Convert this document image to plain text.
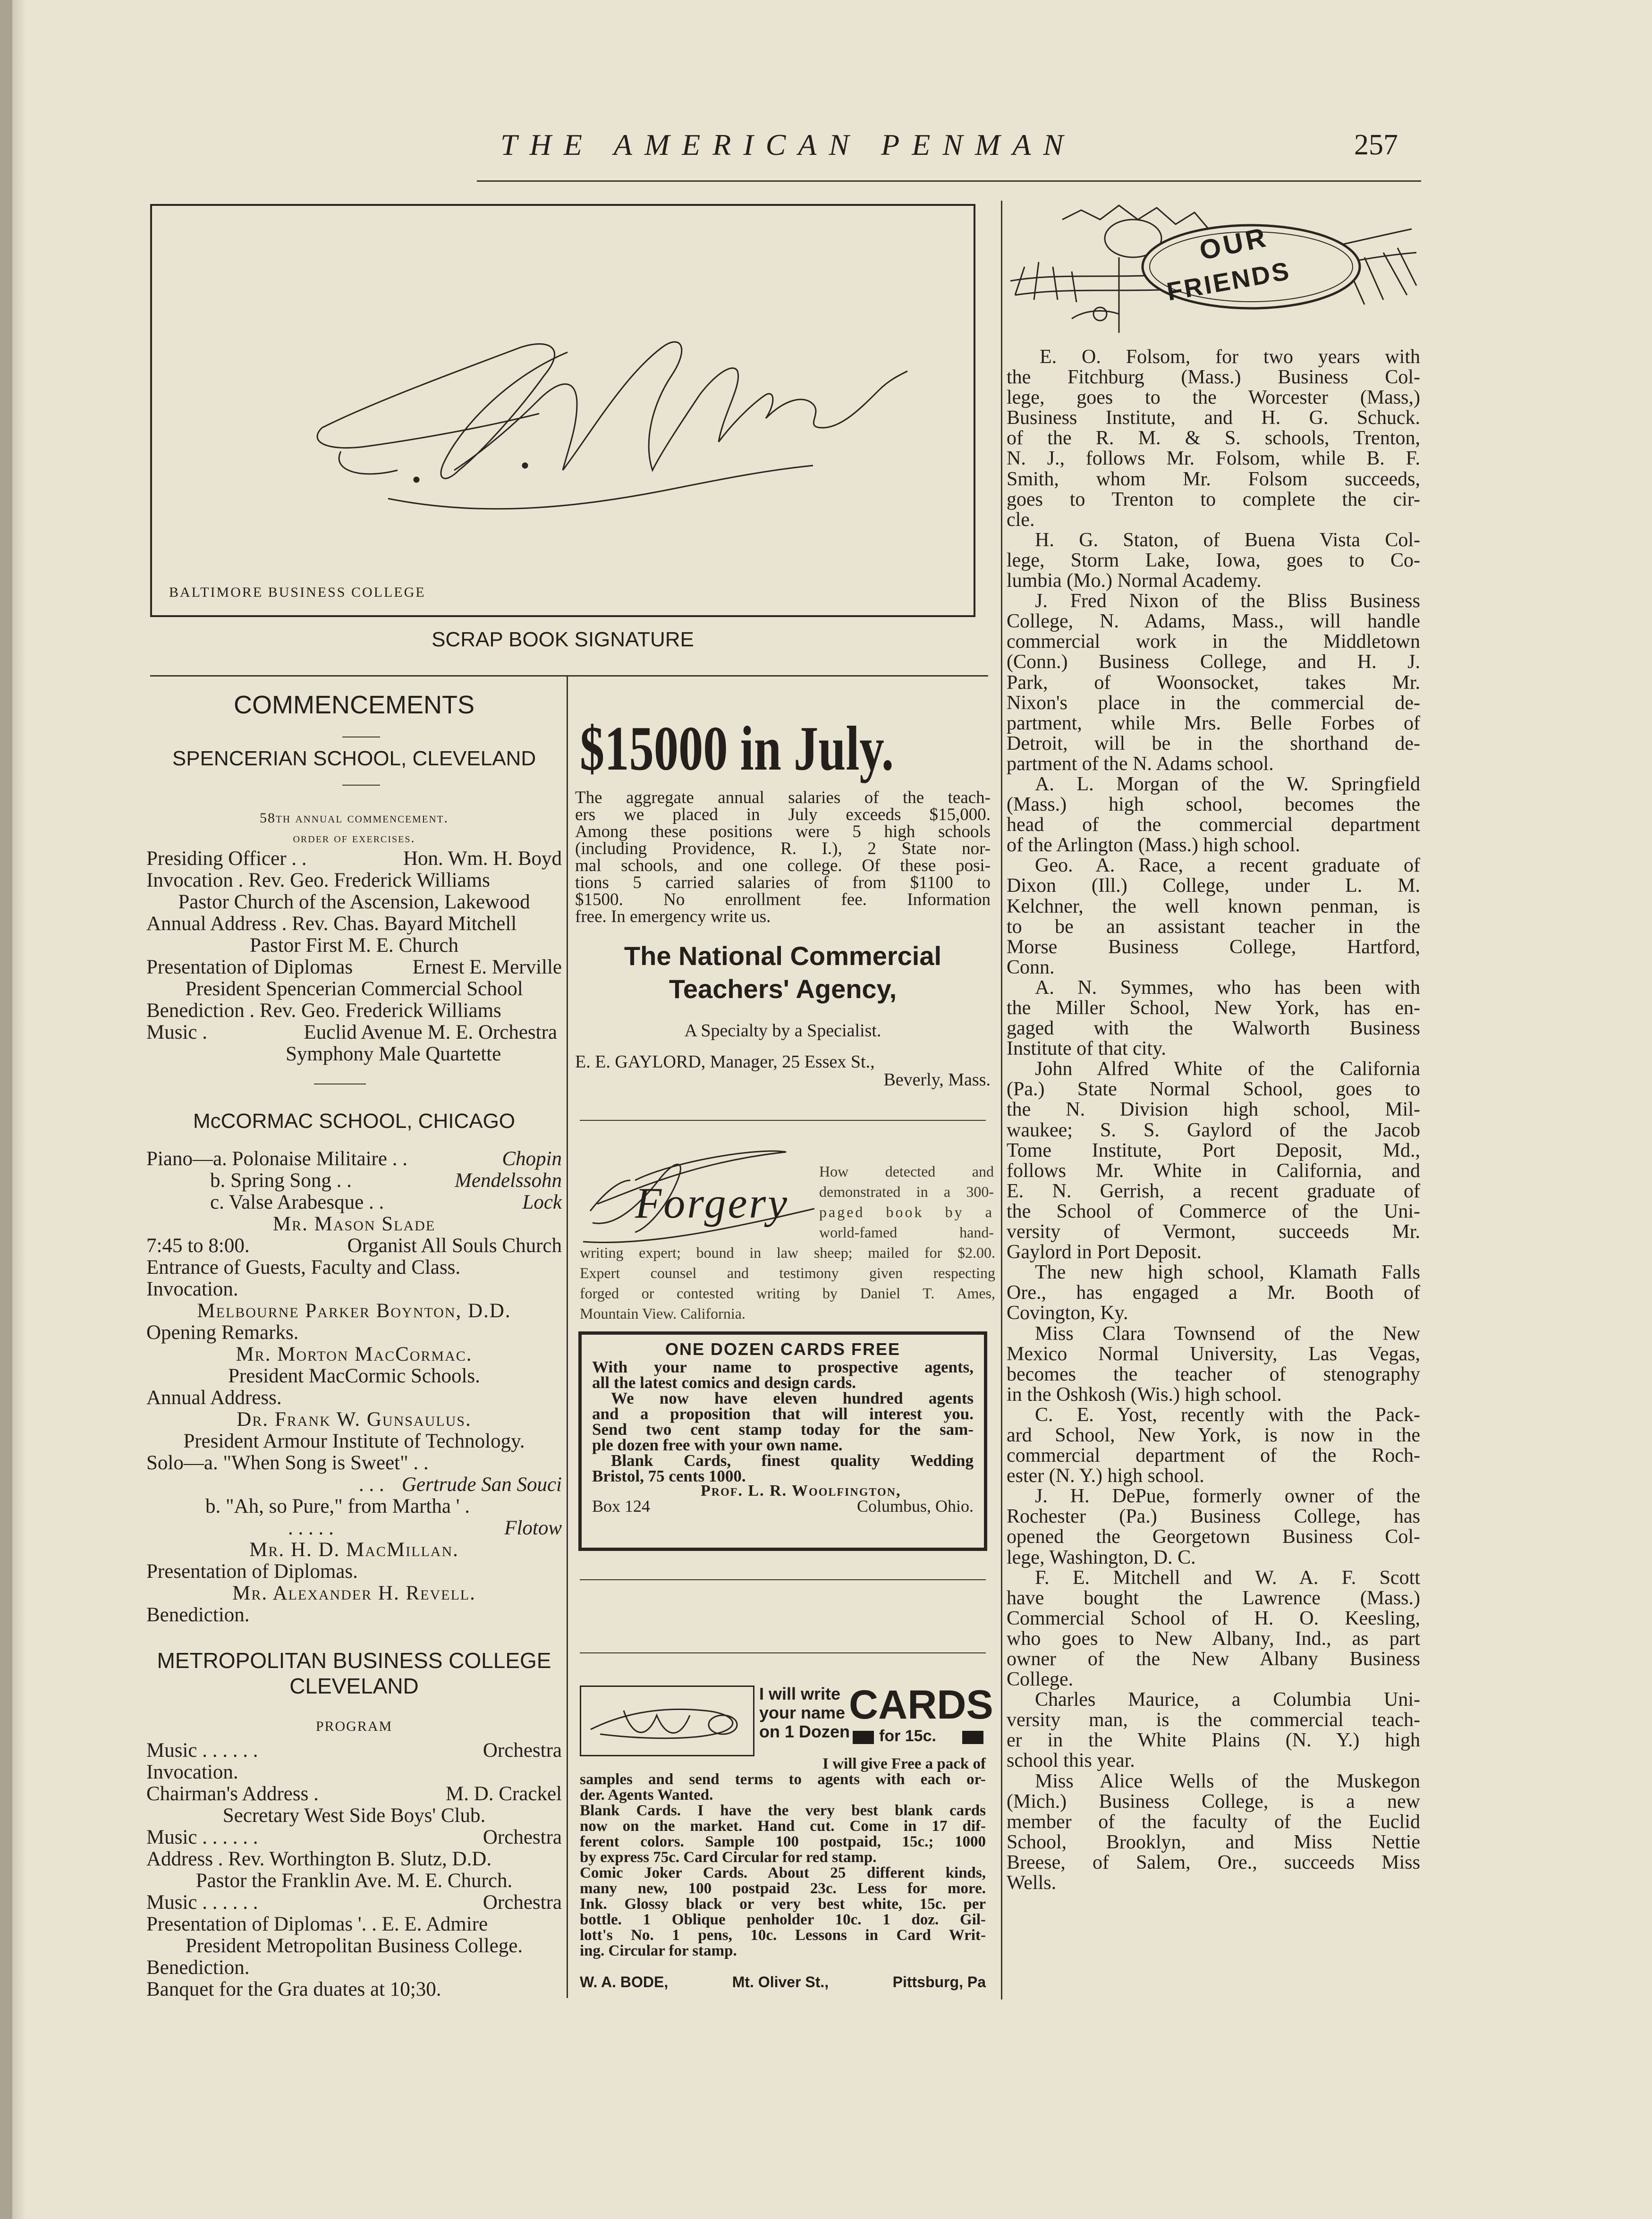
THE AMERICAN PENMAN	257
BALTIMORE BUSINESS COLLEGE
SCRAP BOOK SIGNATURE
COMMENCEMENTS
SPENCERIAN SCHOOL, CLEVELAND
58th annual commencement.
order of exercises.
Presiding Officer . .	Hon. Wm. H. Boyd
Invocation . Rev. Geo. Frederick Williams
Pastor Church of the Ascension, Lakewood
Annual Address . Rev. Chas. Bayard Mitchell
Pastor First M. E. Church
Presentation of Diplomas	Ernest E. Merville
President Spencerian Commercial School
Benediction . Rev. Geo. Frederick Williams
Music .	Euclid Avenue M. E. Orchestra
Symphony Male Quartette
McCORMAC SCHOOL, CHICAGO
Piano—a. Polonaise Militaire . .	Chopin
b. Spring Song . .	Mendelssohn
c. Valse Arabesque . .	Lock
Mr. Mason Slade
7:45 to 8:00.	Organist All Souls Church
Entrance of Guests, Faculty and Class.
Invocation.
Melbourne Parker Boynton, D.D.
Opening Remarks.
Mr. Morton MacCormac.
President MacCormic Schools.
Annual Address.
Dr. Frank W. Gunsaulus.
President Armour Institute of Technology.
Solo—a. "When Song is Sweet" . .
. . . Gertrude San Souci
b. "Ah, so Pure," from Martha ' .
. . . . .	Flotow
Mr. H. D. MacMillan.
Presentation of Diplomas.
Mr. Alexander H. Revell.
Benediction.
METROPOLITAN BUSINESS COLLEGE
CLEVELAND
PROGRAM
Music . . . . . .	Orchestra
Invocation.
Chairman's Address .	M. D. Crackel
Secretary West Side Boys' Club.
Music . . . . . .	Orchestra
Address . Rev. Worthington B. Slutz, D.D.
Pastor the Franklin Ave. M. E. Church.
Music . . . . . .	Orchestra
Presentation of Diplomas '. . E. E. Admire
President Metropolitan Business College.
Benediction.
Banquet for the Gra duates at 10;30.
$15000 in July.
The aggregate annual salaries of the teach-
ers we placed in July exceeds $15,000.
Among these positions were 5 high schools
(including Providence, R. I.), 2 State nor-
mal schools, and one college. Of these posi-
tions 5 carried salaries of from $1100 to
$1500. No enrollment fee. Information
free. In emergency write us.
The National Commercial
Teachers' Agency,
A Specialty by a Specialist.
E. E. GAYLORD, Manager, 25 Essex St.,
Beverly, Mass.
Forgery
How detected and
demonstrated in a 300-
paged book by a
world-famed hand-
writing expert; bound in law sheep; mailed for $2.00.
Expert counsel and testimony given respecting
forged or contested writing by Daniel T. Ames,
Mountain View. California.
ONE DOZEN CARDS FREE
With your name to prospective agents,
all the latest comics and design cards.
We now have eleven hundred agents
and a proposition that will interest you.
Send two cent stamp today for the sam-
ple dozen free with your own name.
Blank Cards, finest quality Wedding
Bristol, 75 cents 1000.
Prof. L. R. Woolfington,
Box 124	Columbus, Ohio.
I will write
your name
on 1 Dozen
CARDS
for 15c.
I will give Free a pack of
samples and send terms to agents with each or-
der. Agents Wanted.
Blank Cards. I have the very best blank cards
now on the market. Hand cut. Come in 17 dif-
ferent colors. Sample 100 postpaid, 15c.; 1000
by express 75c. Card Circular for red stamp.
Comic Joker Cards. About 25 different kinds,
many new, 100 postpaid 23c. Less for more.
Ink. Glossy black or very best white, 15c. per
bottle. 1 Oblique penholder 10c. 1 doz. Gil-
lott's No. 1 pens, 10c. Lessons in Card Writ-
ing. Circular for stamp.
W. A. BODE,	Mt. Oliver St.,	Pittsburg, Pa
OUR
FRIENDS
E. O. Folsom, for two years with
the Fitchburg (Mass.) Business Col-
lege, goes to the Worcester (Mass,)
Business Institute, and H. G. Schuck.
of the R. M. & S. schools, Trenton,
N. J., follows Mr. Folsom, while B. F.
Smith, whom Mr. Folsom succeeds,
goes to Trenton to complete the cir-
cle.
H. G. Staton, of Buena Vista Col-
lege, Storm Lake, Iowa, goes to Co-
lumbia (Mo.) Normal Academy.
J. Fred Nixon of the Bliss Business
College, N. Adams, Mass., will handle
commercial work in the Middletown
(Conn.) Business College, and H. J.
Park, of Woonsocket, takes Mr.
Nixon's place in the commercial de-
partment, while Mrs. Belle Forbes of
Detroit, will be in the shorthand de-
partment of the N. Adams school.
A. L. Morgan of the W. Springfield
(Mass.) high school, becomes the
head of the commercial department
of the Arlington (Mass.) high school.
Geo. A. Race, a recent graduate of
Dixon (Ill.) College, under L. M.
Kelchner, the well known penman, is
to be an assistant teacher in the
Morse Business College, Hartford,
Conn.
A. N. Symmes, who has been with
the Miller School, New York, has en-
gaged with the Walworth Business
Institute of that city.
John Alfred White of the California
(Pa.) State Normal School, goes to
the N. Division high school, Mil-
waukee; S. S. Gaylord of the Jacob
Tome Institute, Port Deposit, Md.,
follows Mr. White in California, and
E. N. Gerrish, a recent graduate of
the School of Commerce of the Uni-
versity of Vermont, succeeds Mr.
Gaylord in Port Deposit.
The new high school, Klamath Falls
Ore., has engaged a Mr. Booth of
Covington, Ky.
Miss Clara Townsend of the New
Mexico Normal University, Las Vegas,
becomes the teacher of stenography
in the Oshkosh (Wis.) high school.
C. E. Yost, recently with the Pack-
ard School, New York, is now in the
commercial department of the Roch-
ester (N. Y.) high school.
J. H. DePue, formerly owner of the
Rochester (Pa.) Business College, has
opened the Georgetown Business Col-
lege, Washington, D. C.
F. E. Mitchell and W. A. F. Scott
have bought the Lawrence (Mass.)
Commercial School of H. O. Keesling,
who goes to New Albany, Ind., as part
owner of the New Albany Business
College.
Charles Maurice, a Columbia Uni-
versity man, is the commercial teach-
er in the White Plains (N. Y.) high
school this year.
Miss Alice Wells of the Muskegon
(Mich.) Business College, is a new
member of the faculty of the Euclid
School, Brooklyn, and Miss Nettie
Breese, of Salem, Ore., succeeds Miss
Wells.
